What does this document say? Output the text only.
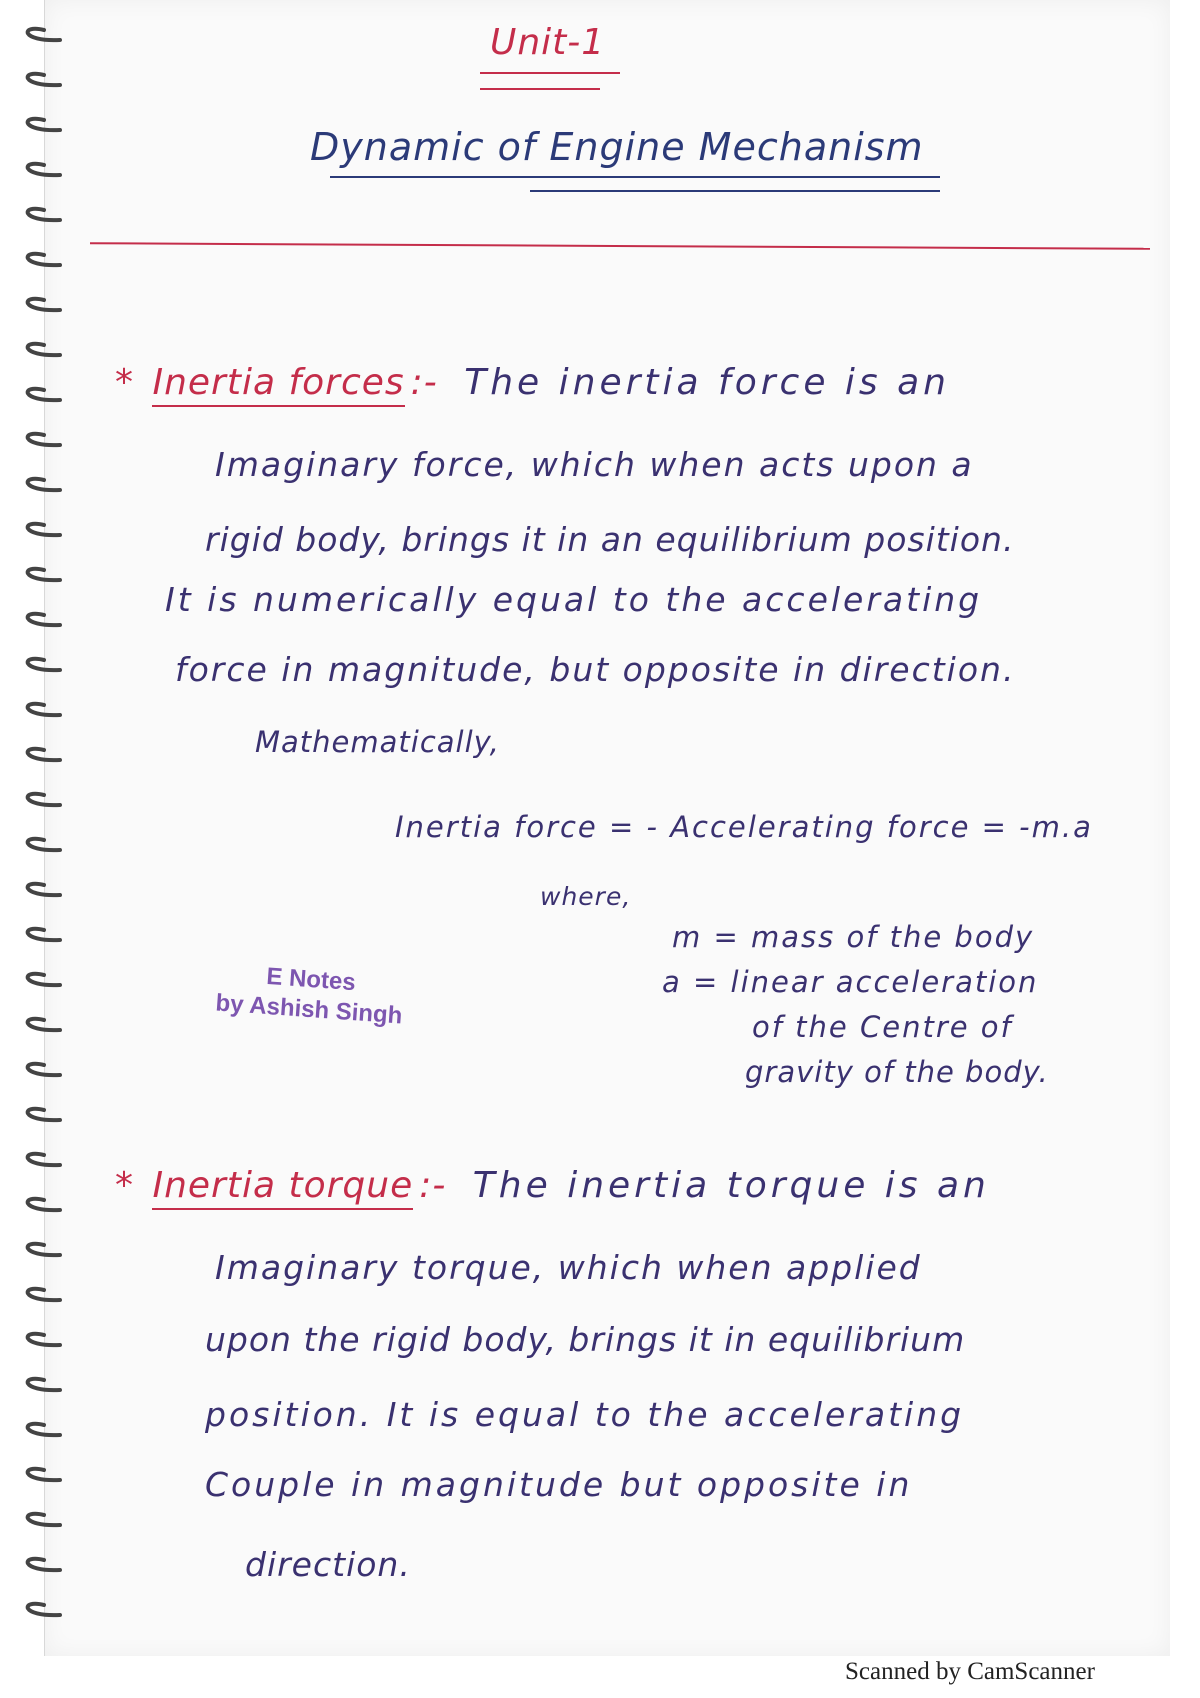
Unit-1
Dynamic of Engine Mechanism
* Inertia forces :- The inertia force is an
Imaginary force, which when acts upon a
rigid body, brings it in an equilibrium position.
It is numerically equal to the accelerating
force in magnitude, but opposite in direction.
Mathematically,
Inertia force = - Accelerating force = -m.a
where,
m = mass of the body
a = linear acceleration
of the Centre of
gravity of the body.
E Notes
by Ashish Singh
* Inertia torque :- The inertia torque is an
Imaginary torque, which when applied
upon the rigid body, brings it in equilibrium
position. It is equal to the accelerating
Couple in magnitude but opposite in
direction.
Scanned by CamScanner
